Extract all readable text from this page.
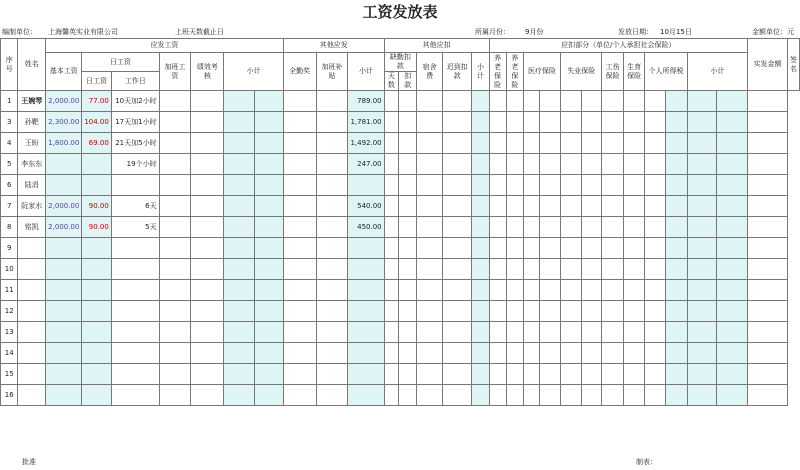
工资发放表
编制单位： 上海馨英实业有限公司	上班天数截止日	所属月份： 9月份	发放日期： 10月15日	金额单位：元
序号	姓名	应发工资							其他应发			其他应扣					应扣部分（单位/个人承担社会保险）												实发金额	签名
		基本工资	日工资		加班工资	绩效考核	小计		全勤奖	加班补贴	小计	缺勤扣款		宿舍费	迟到扣款	小计	养老保险	养老保险	医疗保险		失业保险		工伤保险	生育保险	个人所得税		小计			
			日工资	工作日								天数	扣款																	

1	王婉琴	2,000.00	77.00	10天加2小时							789.00																			
3	孙靶	2,300.00	104.00	17天加1小时							1,781.00																			
4	王盼	1,800.00	69.00	21天加5小时							1,492.00																			
5	李东东			19个小时							247.00																			
6	陆涓																													
7	阮家水	2,000.00	90.00	6天							540.00																			
8	铭凯	2,000.00	90.00	5天							450.00																			
9																														
10																														
11																														
12																														
13																														
14																														
15																														
16																														
批准	制表：
